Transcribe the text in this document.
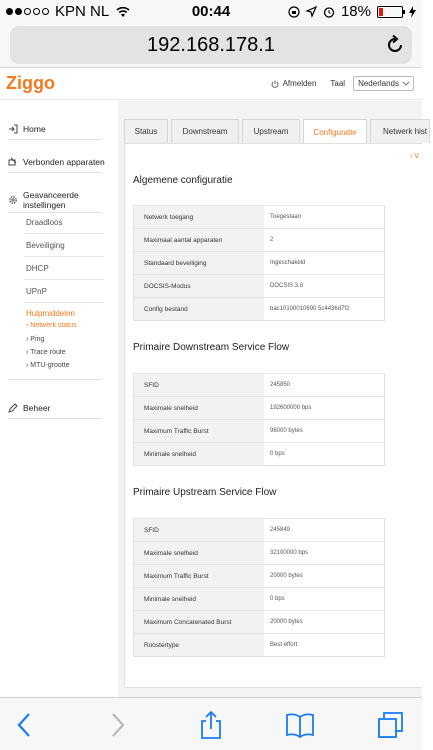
KPN NL	00:44	18%
192.168.178.1
Ziggo	Afmelden Taal Nederlands
Home
Verbonden apparaten
Geavanceerde instellingen
Draadloos
Beveiliging
DHCP
UPnP
Hulpmiddelen
› Netwerk status
› Ping
› Trace route
› MTU-grootte
Beheer
Status	Downstream	Upstream	Configuratie	Netwerk hist
› V
Algemene configuratie
Netwerk toegang	Toegestaan
Maximaal aantal apparaten	2
Standaard beveiliging	Ingeschakeld
DOCSIS-Modus	DOCSIS 3.0
Config bestand	bac10100010690 5c4436d7f2
Primaire Downstream Service Flow
SFID	245850
Maximale snelheid	192600000 bps
Maximum Traffic Burst	96000 bytes
Minimale snelheid	0 bps
Primaire Upstream Service Flow
SFID	245849
Maximale snelheid	32100000 bps
Maximum Traffic Burst	20000 bytes
Minimale snelheid	0 bps
Maximum Concatenated Burst	20000 bytes
Roostertype	Best effort
